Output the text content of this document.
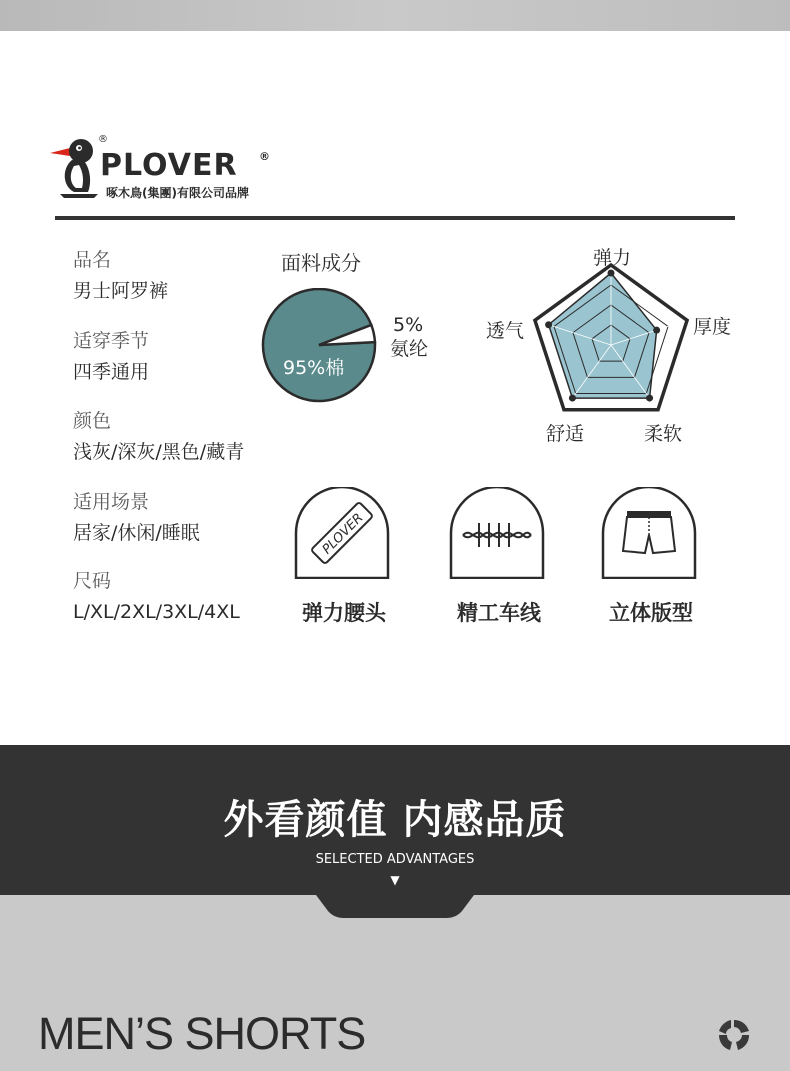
®
PLOVER ®
啄木鳥(集團)有限公司品牌
品名
男士阿罗裤
适穿季节
四季通用
颜色
浅灰/深灰/黑色/藏青
适用场景
居家/休闲/睡眠
尺码
L/XL/2XL/3XL/4XL
面料成分
95%棉
5%
氨纶
弹力
厚度
柔软
舒适
透气
PLOVER
弹力腰头	精工车线	立体版型
外看颜值 内感品质
SELECTED ADVANTAGES
▼
MEN’S SHORTS
